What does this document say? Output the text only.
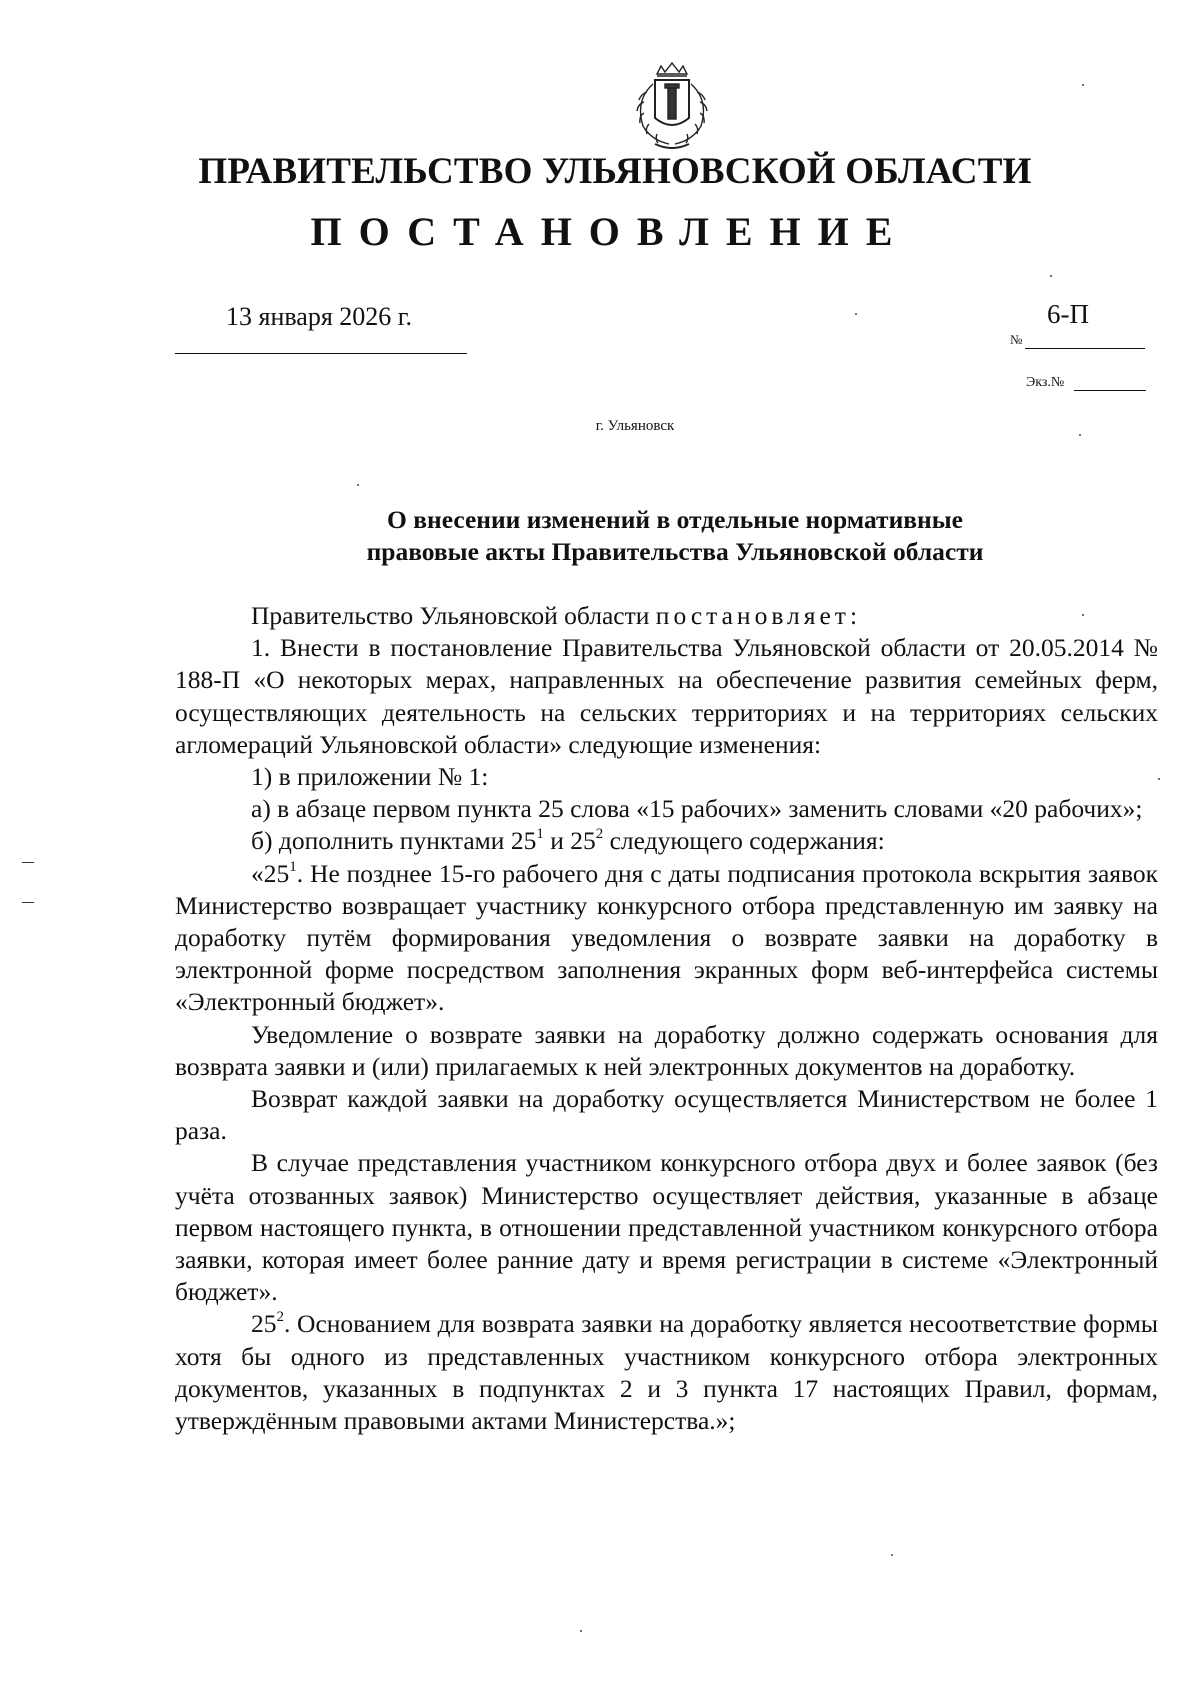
ПРАВИТЕЛЬСТВО УЛЬЯНОВСКОЙ ОБЛАСТИ
ПОСТАНОВЛЕНИЕ
13 января 2026 г.	6-П
№
Экз.№
г. Ульяновск
О внесении изменений в отдельные нормативные
правовые акты Правительства Ульяновской области

Правительство Ульяновской области постановляет:

1. Внести в постановление Правительства Ульяновской области от 20.05.2014 № 188-П «О некоторых мерах, направленных на обеспечение развития семейных ферм, осуществляющих деятельность на сельских территориях и на территориях сельских агломераций Ульяновской области» следующие изменения:

1) в приложении № 1:

а) в абзаце первом пункта 25 слова «15 рабочих» заменить словами «20 рабочих»;

б) дополнить пунктами $25^1$ и $25^2$ следующего содержания:

«$25^1$. Не позднее 15-го рабочего дня с даты подписания протокола вскрытия заявок Министерство возвращает участнику конкурсного отбора представленную им заявку на доработку путём формирования уведомления о возврате заявки на доработку в электронной форме посредством заполнения экранных форм веб-интерфейса системы «Электронный бюджет».

Уведомление о возврате заявки на доработку должно содержать основания для возврата заявки и (или) прилагаемых к ней электронных документов на доработку.

Возврат каждой заявки на доработку осуществляется Министерством не более 1 раза.

В случае представления участником конкурсного отбора двух и более заявок (без учёта отозванных заявок) Министерство осуществляет действия, указанные в абзаце первом настоящего пункта, в отношении представленной участником конкурсного отбора заявки, которая имеет более ранние дату и время регистрации в системе «Электронный бюджет».

$25^2$. Основанием для возврата заявки на доработку является несоответствие формы хотя бы одного из представленных участником конкурсного отбора электронных документов, указанных в подпунктах 2 и 3 пункта 17 настоящих Правил, формам, утверждённым правовыми актами Министерства.»;
